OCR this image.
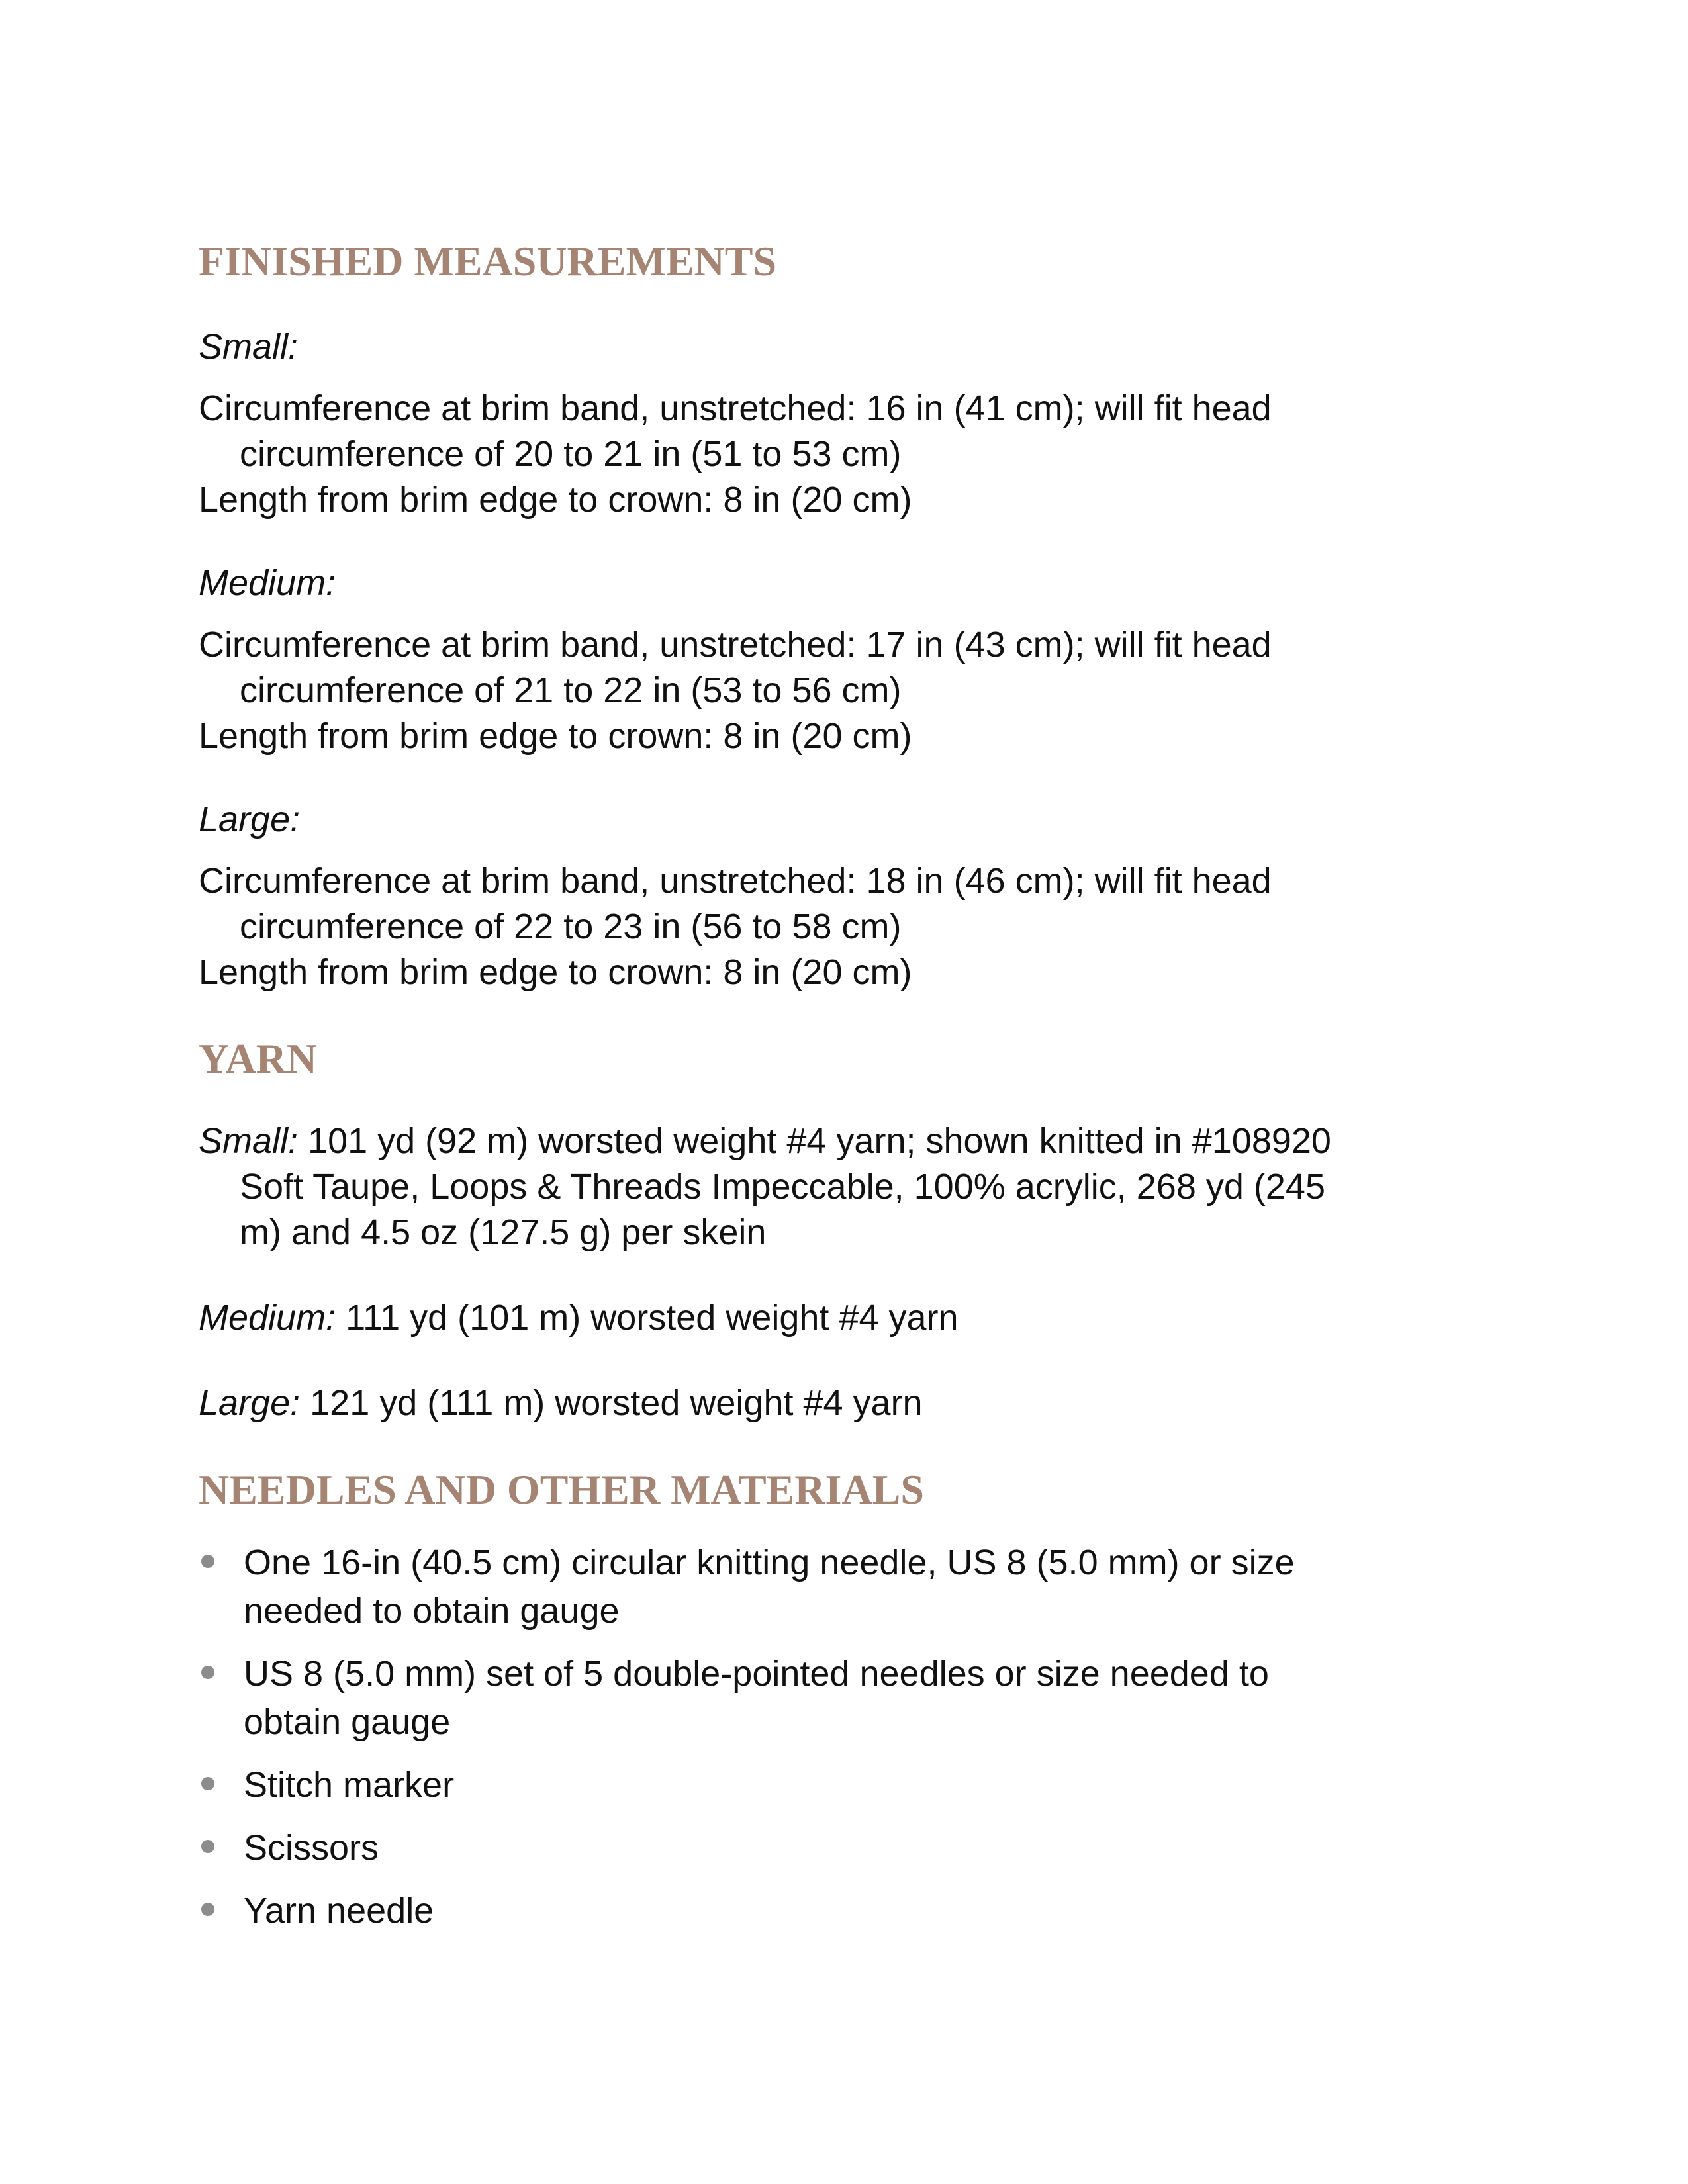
FINISHED MEASUREMENTS

Small:

Circumference at brim band, unstretched: 16 in (41 cm); will fit head

circumference of 20 to 21 in (51 to 53 cm)

Length from brim edge to crown: 8 in (20 cm)

Medium:

Circumference at brim band, unstretched: 17 in (43 cm); will fit head

circumference of 21 to 22 in (53 to 56 cm)

Length from brim edge to crown: 8 in (20 cm)

Large:

Circumference at brim band, unstretched: 18 in (46 cm); will fit head

circumference of 22 to 23 in (56 to 58 cm)

Length from brim edge to crown: 8 in (20 cm)

YARN

Small: 101 yd (92 m) worsted weight #4 yarn; shown knitted in #108920

Soft Taupe, Loops & Threads Impeccable, 100% acrylic, 268 yd (245

m) and 4.5 oz (127.5 g) per skein

Medium: 111 yd (101 m) worsted weight #4 yarn

Large: 121 yd (111 m) worsted weight #4 yarn

NEEDLES AND OTHER MATERIALS
One 16-in (40.5 cm) circular knitting needle, US 8 (5.0 mm) or size
needed to obtain gauge
US 8 (5.0 mm) set of 5 double-pointed needles or size needed to
obtain gauge
Stitch marker
Scissors
Yarn needle
